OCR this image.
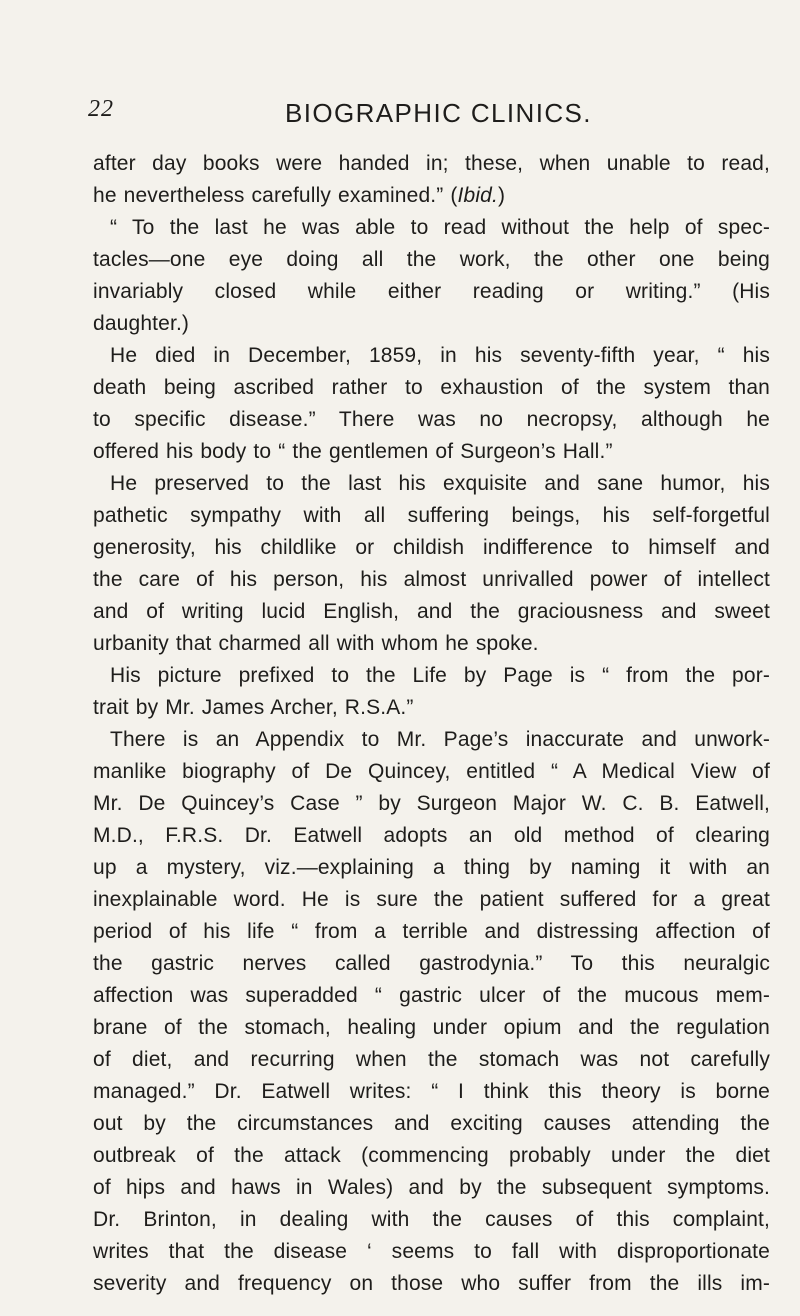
22	BIOGRAPHIC CLINICS.
after day books were handed in; these, when unable to read,
he nevertheless carefully examined.” (Ibid.)
“ To the last he was able to read without the help of spec-
tacles—one eye doing all the work, the other one being
invariably closed while either reading or writing.” (His
daughter.)
He died in December, 1859, in his seventy-fifth year, “ his
death being ascribed rather to exhaustion of the system than
to specific disease.” There was no necropsy, although he
offered his body to “ the gentlemen of Surgeon’s Hall.”
He preserved to the last his exquisite and sane humor, his
pathetic sympathy with all suffering beings, his self-forgetful
generosity, his childlike or childish indifference to himself and
the care of his person, his almost unrivalled power of intellect
and of writing lucid English, and the graciousness and sweet
urbanity that charmed all with whom he spoke.
His picture prefixed to the Life by Page is “ from the por-
trait by Mr. James Archer, R.S.A.”
There is an Appendix to Mr. Page’s inaccurate and unwork-
manlike biography of De Quincey, entitled “ A Medical View of
Mr. De Quincey’s Case ” by Surgeon Major W. C. B. Eatwell,
M.D., F.R.S. Dr. Eatwell adopts an old method of clearing
up a mystery, viz.—explaining a thing by naming it with an
inexplainable word. He is sure the patient suffered for a great
period of his life “ from a terrible and distressing affection of
the gastric nerves called gastrodynia.” To this neuralgic
affection was superadded “ gastric ulcer of the mucous mem-
brane of the stomach, healing under opium and the regulation
of diet, and recurring when the stomach was not carefully
managed.” Dr. Eatwell writes: “ I think this theory is borne
out by the circumstances and exciting causes attending the
outbreak of the attack (commencing probably under the diet
of hips and haws in Wales) and by the subsequent symptoms.
Dr. Brinton, in dealing with the causes of this complaint,
writes that the disease ‘ seems to fall with disproportionate
severity and frequency on those who suffer from the ills im-
